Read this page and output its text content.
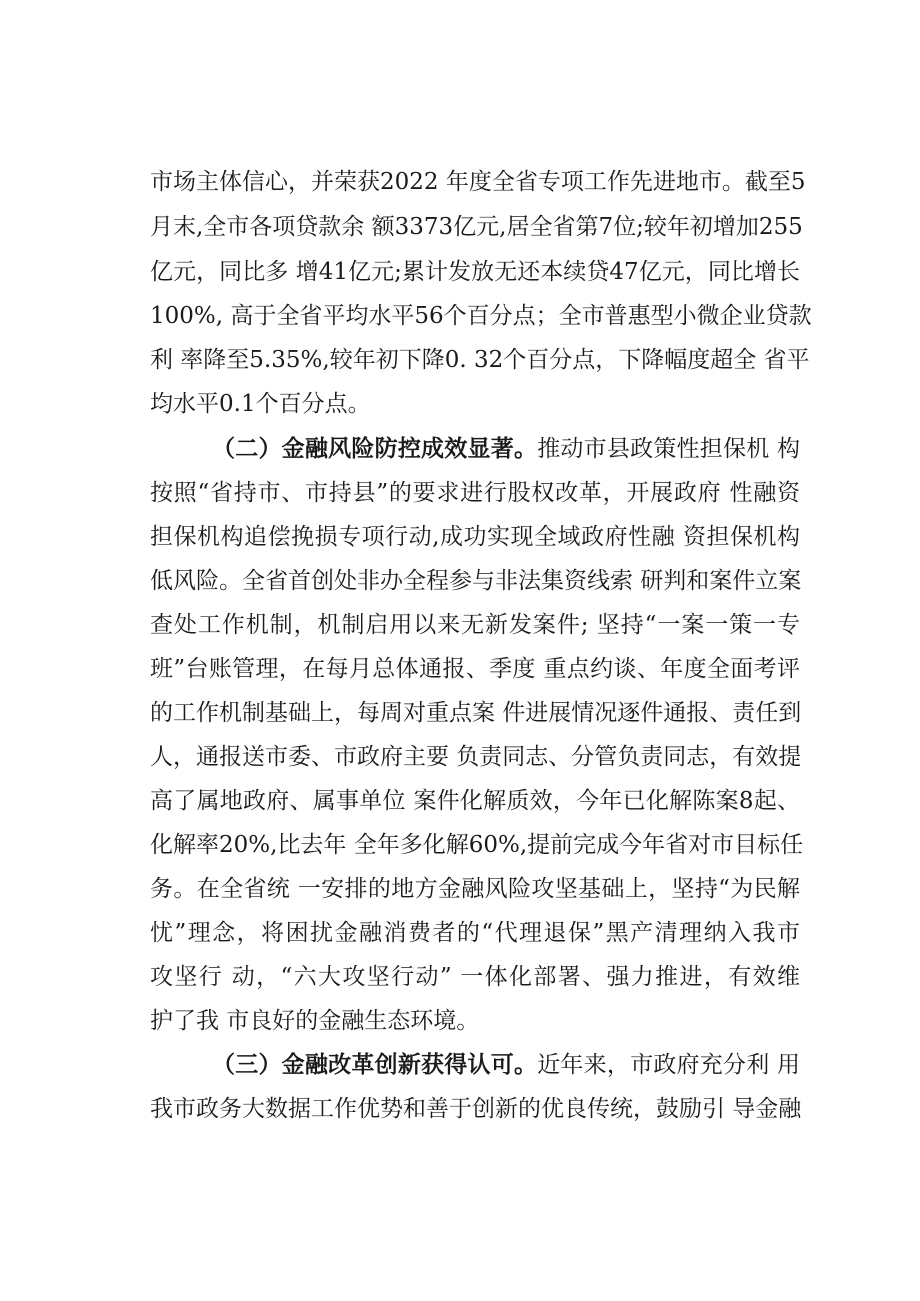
市场主体信心，并荣获2022 年度全省专项工作先进地市。截至5
月末,全市各项贷款余 额3373亿元,居全省第7位;较年初增加255
亿元，同比多 增41亿元;累计发放无还本续贷47亿元，同比增长
100%, 高于全省平均水平56个百分点；全市普惠型小微企业贷款
利 率降至5.35%,较年初下降0. 32个百分点，下降幅度超全 省平
均水平0.1个百分点。
（二）金融风险防控成效显著。推动市县政策性担保机 构
按照“省持市、市持县”的要求进行股权改革，开展政府 性融资
担保机构追偿挽损专项行动,成功实现全域政府性融 资担保机构
低风险。全省首创处非办全程参与非法集资线索 研判和案件立案
查处工作机制，机制启用以来无新发案件; 坚持“一案一策一专
班”台账管理，在每月总体通报、季度 重点约谈、年度全面考评
的工作机制基础上，每周对重点案 件进展情况逐件通报、责任到
人，通报送市委、市政府主要 负责同志、分管负责同志，有效提
高了属地政府、属事单位 案件化解质效，今年已化解陈案8起、
化解率20%,比去年 全年多化解60%,提前完成今年省对市目标任
务。在全省统 一安排的地方金融风险攻坚基础上，坚持“为民解
忧”理念，将困扰金融消费者的“代理退保”黑产清理纳入我市
攻坚行 动，“六大攻坚行动” 一体化部署、强力推进，有效维
护了我 市良好的金融生态环境。
（三）金融改革创新获得认可。近年来，市政府充分利 用
我市政务大数据工作优势和善于创新的优良传统，鼓励引 导金融
